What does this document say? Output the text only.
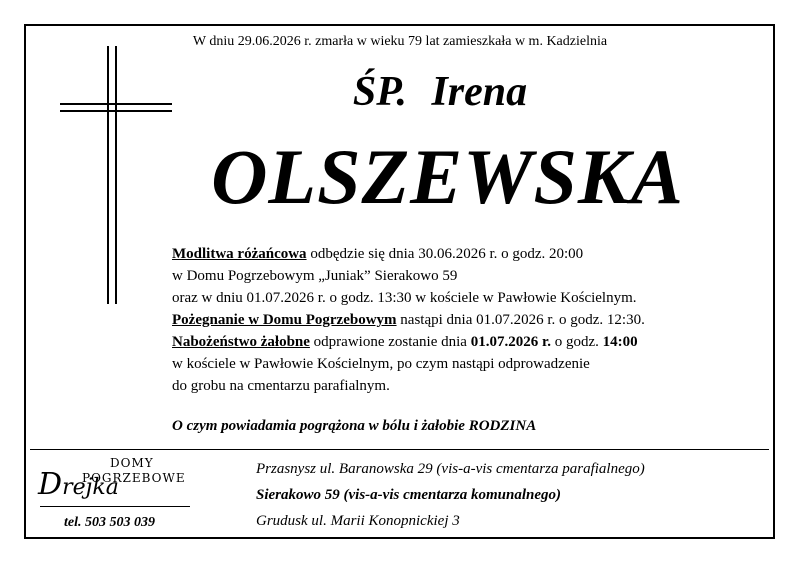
W dniu 29.06.2026 r. zmarła w wieku 79 lat zamieszkała w m. Kadzielnia
ŚP. Irena
OLSZEWSKA
Modlitwa różańcowa odbędzie się dnia 30.06.2026 r. o godz. 20:00
w Domu Pogrzebowym „Juniak” Sierakowo 59
oraz w dniu 01.07.2026 r. o godz. 13:30 w kościele w Pawłowie Kościelnym.
Pożegnanie w Domu Pogrzebowym nastąpi dnia 01.07.2026 r. o godz. 12:30.
Nabożeństwo żałobne odprawione zostanie dnia 01.07.2026 r. o godz. 14:00
w kościele w Pawłowie Kościelnym, po czym nastąpi odprowadzenie
do grobu na cmentarzu parafialnym.
O czym powiadamia pogrążona w bólu i żałobie RODZINA
DOMY
POGRZEBOWE
Drejka
tel. 503 503 039
Przasnysz ul. Baranowska 29 (vis-a-vis cmentarza parafialnego)
Sierakowo 59 (vis-a-vis cmentarza komunalnego)
Grudusk ul. Marii Konopnickiej 3
